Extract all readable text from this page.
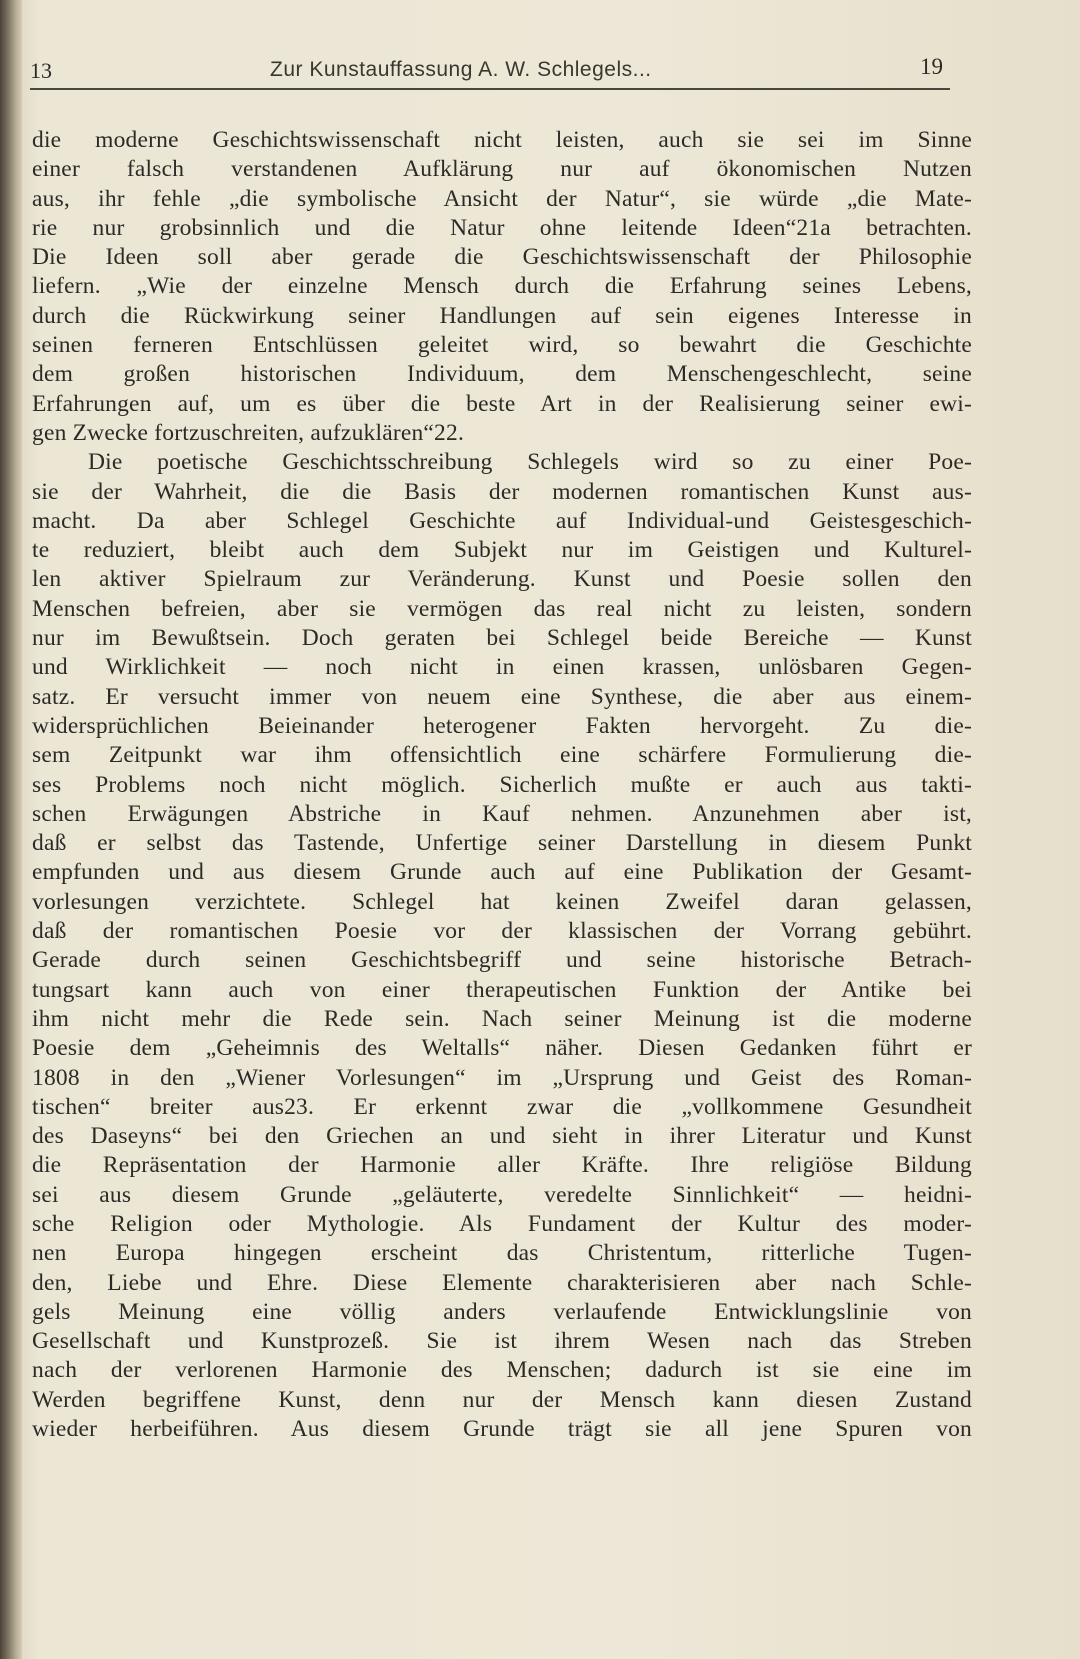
13	Zur Kunstauffassung A. W. Schlegels...	19
die moderne Geschichtswissenschaft nicht leisten, auch sie sei im Sinne
einer falsch verstandenen Aufklärung nur auf ökonomischen Nutzen
aus, ihr fehle „die symbolische Ansicht der Natur“, sie würde „die Mate-
rie nur grobsinnlich und die Natur ohne leitende Ideen“21a betrachten.
Die Ideen soll aber gerade die Geschichtswissenschaft der Philosophie
liefern. „Wie der einzelne Mensch durch die Erfahrung seines Lebens,
durch die Rückwirkung seiner Handlungen auf sein eigenes Interesse in
seinen ferneren Entschlüssen geleitet wird, so bewahrt die Geschichte
dem großen historischen Individuum, dem Menschengeschlecht, seine
Erfahrungen auf, um es über die beste Art in der Realisierung seiner ewi-
gen Zwecke fortzuschreiten, aufzuklären“22.
Die poetische Geschichtsschreibung Schlegels wird so zu einer Poe-
sie der Wahrheit, die die Basis der modernen romantischen Kunst aus-
macht. Da aber Schlegel Geschichte auf Individual-und Geistesgeschich-
te reduziert, bleibt auch dem Subjekt nur im Geistigen und Kulturel-
len aktiver Spielraum zur Veränderung. Kunst und Poesie sollen den
Menschen befreien, aber sie vermögen das real nicht zu leisten, sondern
nur im Bewußtsein. Doch geraten bei Schlegel beide Bereiche — Kunst
und Wirklichkeit — noch nicht in einen krassen, unlösbaren Gegen-
satz. Er versucht immer von neuem eine Synthese, die aber aus einem-
widersprüchlichen Beieinander heterogener Fakten hervorgeht. Zu die-
sem Zeitpunkt war ihm offensichtlich eine schärfere Formulierung die-
ses Problems noch nicht möglich. Sicherlich mußte er auch aus takti-
schen Erwägungen Abstriche in Kauf nehmen. Anzunehmen aber ist,
daß er selbst das Tastende, Unfertige seiner Darstellung in diesem Punkt
empfunden und aus diesem Grunde auch auf eine Publikation der Gesamt-
vorlesungen verzichtete. Schlegel hat keinen Zweifel daran gelassen,
daß der romantischen Poesie vor der klassischen der Vorrang gebührt.
Gerade durch seinen Geschichtsbegriff und seine historische Betrach-
tungsart kann auch von einer therapeutischen Funktion der Antike bei
ihm nicht mehr die Rede sein. Nach seiner Meinung ist die moderne
Poesie dem „Geheimnis des Weltalls“ näher. Diesen Gedanken führt er
1808 in den „Wiener Vorlesungen“ im „Ursprung und Geist des Roman-
tischen“ breiter aus23. Er erkennt zwar die „vollkommene Gesundheit
des Daseyns“ bei den Griechen an und sieht in ihrer Literatur und Kunst
die Repräsentation der Harmonie aller Kräfte. Ihre religiöse Bildung
sei aus diesem Grunde „geläuterte, veredelte Sinnlichkeit“ — heidni-
sche Religion oder Mythologie. Als Fundament der Kultur des moder-
nen Europa hingegen erscheint das Christentum, ritterliche Tugen-
den, Liebe und Ehre. Diese Elemente charakterisieren aber nach Schle-
gels Meinung eine völlig anders verlaufende Entwicklungslinie von
Gesellschaft und Kunstprozeß. Sie ist ihrem Wesen nach das Streben
nach der verlorenen Harmonie des Menschen; dadurch ist sie eine im
Werden begriffene Kunst, denn nur der Mensch kann diesen Zustand
wieder herbeiführen. Aus diesem Grunde trägt sie all jene Spuren von
